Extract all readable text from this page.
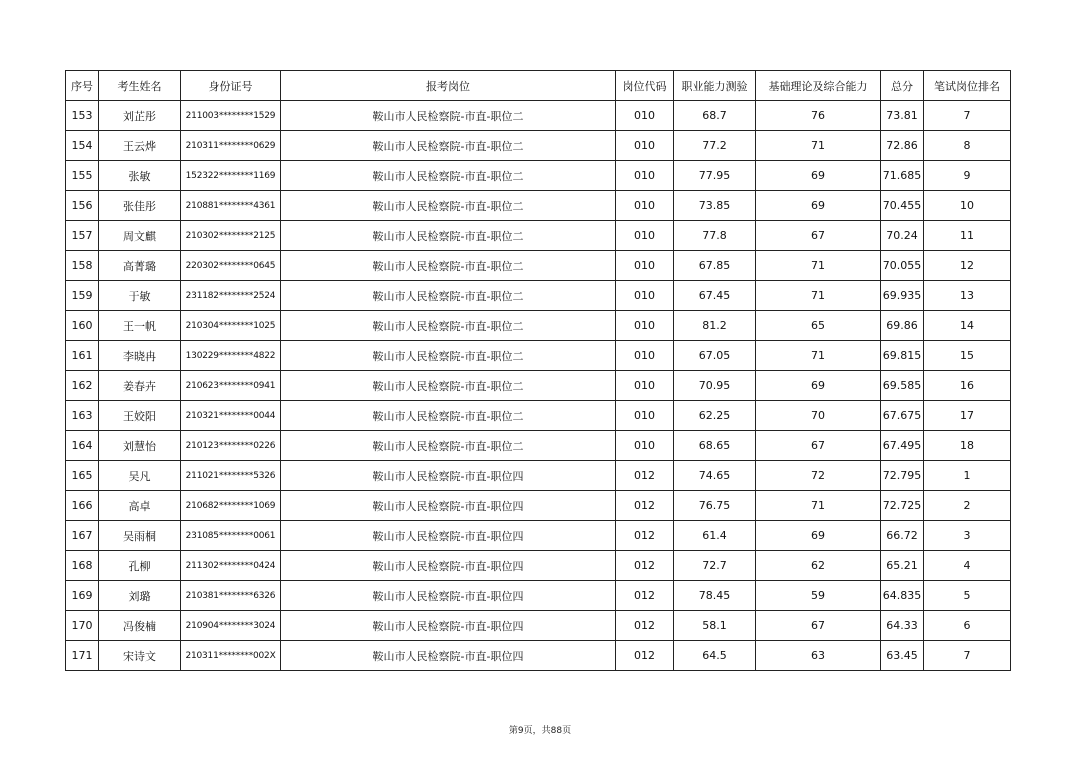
序号	考生姓名	身份证号	报考岗位	岗位代码	职业能力测验	基础理论及综合能力	总分	笔试岗位排名
153	刘芷彤	211003********1529	鞍山市人民检察院-市直-职位二	010	68.7	76	73.81	7
154	王云烨	210311********0629	鞍山市人民检察院-市直-职位二	010	77.2	71	72.86	8
155	张敏	152322********1169	鞍山市人民检察院-市直-职位二	010	77.95	69	71.685	9
156	张佳彤	210881********4361	鞍山市人民检察院-市直-职位二	010	73.85	69	70.455	10
157	周文麒	210302********2125	鞍山市人民检察院-市直-职位二	010	77.8	67	70.24	11
158	高菁璐	220302********0645	鞍山市人民检察院-市直-职位二	010	67.85	71	70.055	12
159	于敏	231182********2524	鞍山市人民检察院-市直-职位二	010	67.45	71	69.935	13
160	王一帆	210304********1025	鞍山市人民检察院-市直-职位二	010	81.2	65	69.86	14
161	李晓冉	130229********4822	鞍山市人民检察院-市直-职位二	010	67.05	71	69.815	15
162	姜春卉	210623********0941	鞍山市人民检察院-市直-职位二	010	70.95	69	69.585	16
163	王姣阳	210321********0044	鞍山市人民检察院-市直-职位二	010	62.25	70	67.675	17
164	刘慧怡	210123********0226	鞍山市人民检察院-市直-职位二	010	68.65	67	67.495	18
165	吴凡	211021********5326	鞍山市人民检察院-市直-职位四	012	74.65	72	72.795	1
166	高卓	210682********1069	鞍山市人民检察院-市直-职位四	012	76.75	71	72.725	2
167	吴雨桐	231085********0061	鞍山市人民检察院-市直-职位四	012	61.4	69	66.72	3
168	孔柳	211302********0424	鞍山市人民检察院-市直-职位四	012	72.7	62	65.21	4
169	刘璐	210381********6326	鞍山市人民检察院-市直-职位四	012	78.45	59	64.835	5
170	冯俊楠	210904********3024	鞍山市人民检察院-市直-职位四	012	58.1	67	64.33	6
171	宋诗文	210311********002X	鞍山市人民检察院-市直-职位四	012	64.5	63	63.45	7
第9页，共88页
